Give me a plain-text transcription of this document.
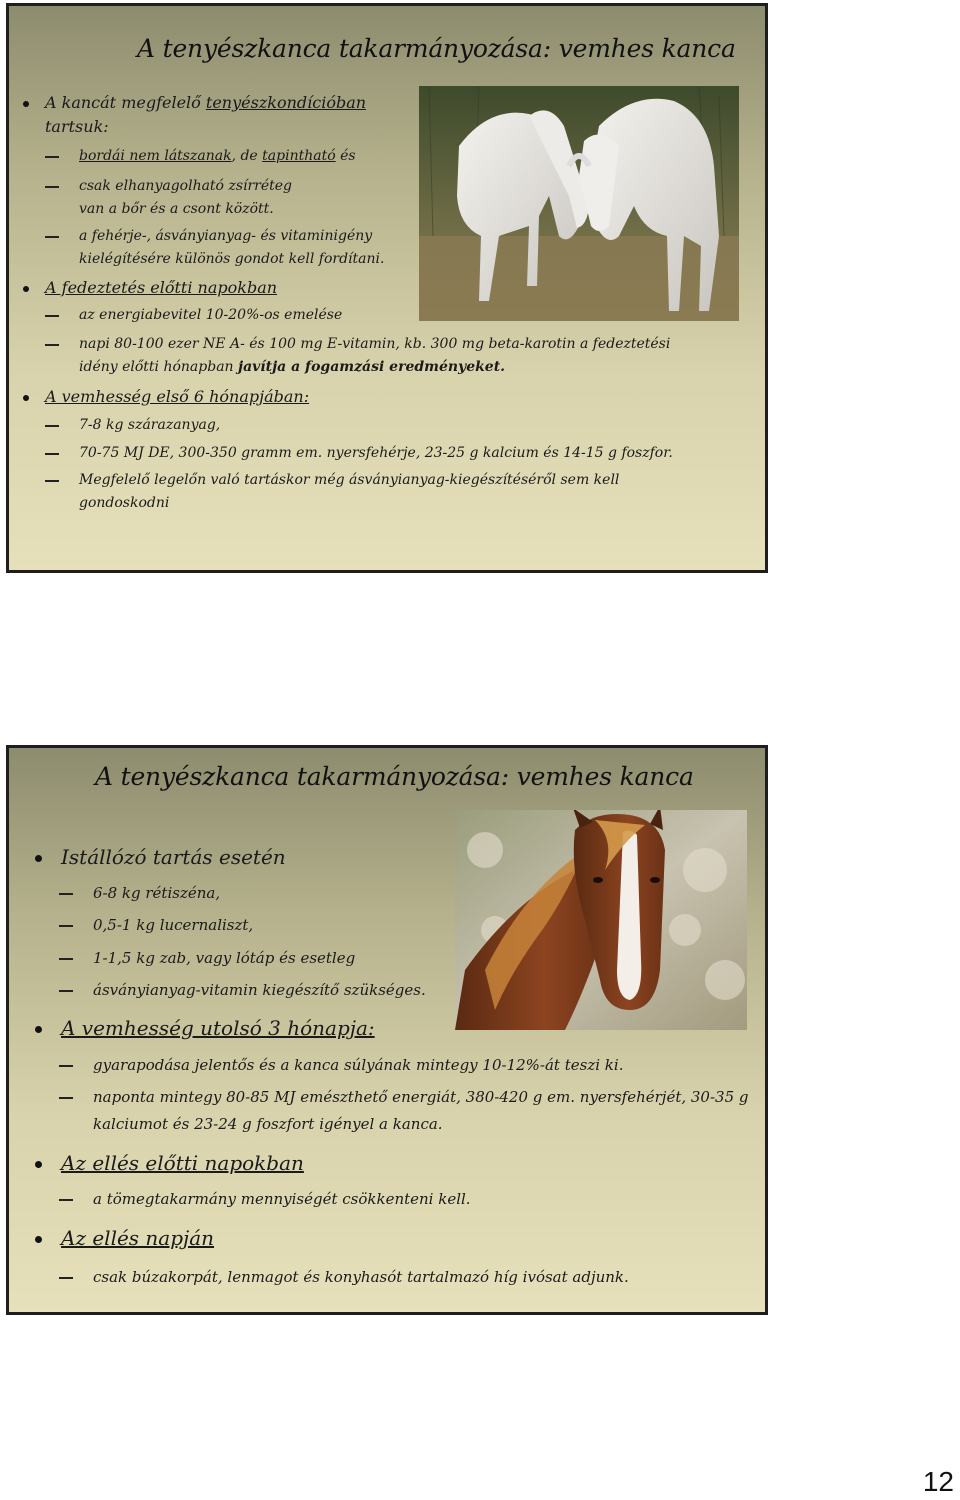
A tenyészkanca takarmányozása: vemhes kanca
A kancát megfelelő tenyészkondícióban
tartsuk:
bordái nem látszanak, de tapintható és
csak elhanyagolható zsírréteg
van a bőr és a csont között.
a fehérje-, ásványianyag- és vitaminigény
kielégítésére különös gondot kell fordítani.
A fedeztetés előtti napokban
az energiabevitel 10-20%-os emelése
napi 80-100 ezer NE A- és 100 mg E-vitamin, kb. 300 mg beta-karotin a fedeztetési
idény előtti hónapban javítja a fogamzási eredményeket.
A vemhesség első 6 hónapjában:
7-8 kg szárazanyag,
70-75 MJ DE, 300-350 gramm em. nyersfehérje, 23-25 g kalcium és 14-15 g foszfor.
Megfelelő legelőn való tartáskor még ásványianyag-kiegészítéséről sem kell
gondoskodni
A tenyészkanca takarmányozása: vemhes kanca
Istállózó tartás esetén
6-8 kg rétiszéna,
0,5-1 kg lucernaliszt,
1-1,5 kg zab, vagy lótáp és esetleg
ásványianyag-vitamin kiegészítő szükséges.
A vemhesség utolsó 3 hónapja:
gyarapodása jelentős és a kanca súlyának mintegy 10-12%-át teszi ki.
naponta mintegy 80-85 MJ emészthető energiát, 380-420 g em. nyersfehérjét, 30-35 g
kalciumot és 23-24 g foszfort igényel a kanca.
Az ellés előtti napokban
a tömegtakarmány mennyiségét csökkenteni kell.
Az ellés napján
csak búzakorpát, lenmagot és konyhasót tartalmazó híg ivósat adjunk.
12
